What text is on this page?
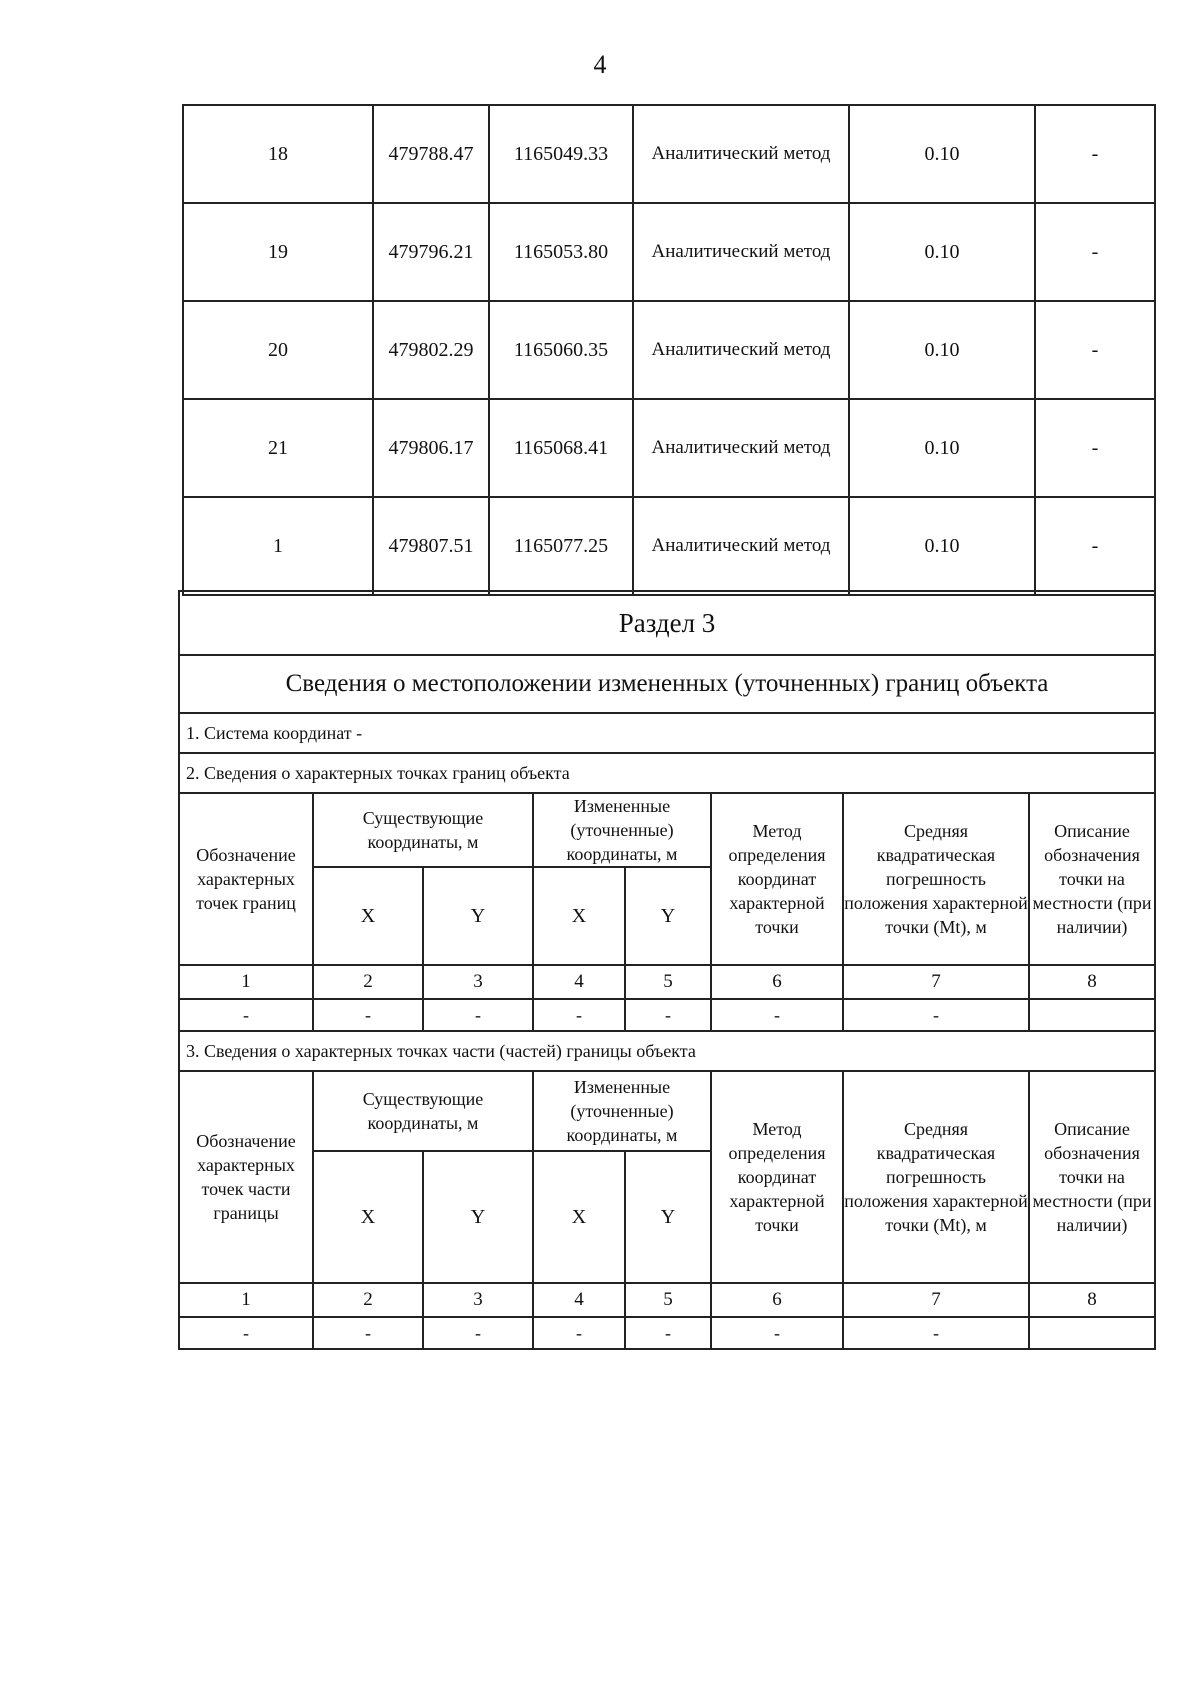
4
18	479788.47	1165049.33	Аналитический метод	0.10	-
19	479796.21	1165053.80	Аналитический метод	0.10	-
20	479802.29	1165060.35	Аналитический метод	0.10	-
21	479806.17	1165068.41	Аналитический метод	0.10	-
1	479807.51	1165077.25	Аналитический метод	0.10	-
Раздел 3							
Сведения о местоположении измененных (уточненных) границ объекта							
1. Система координат -							
2. Сведения о характерных точках границ объекта							
Обозначение характерных точек границ	Существующие координаты, м		Измененные (уточненные) координаты, м		Метод определения координат характерной точки	Средняя квадратическая погрешность положения характерной точки (Mt), м	Описание обозначения точки на местности (при наличии)
	X	Y	X	Y			
1	2	3	4	5	6	7	8
-	-	-	-	-	-	-	
3. Сведения о характерных точках части (частей) границы объекта							
Обозначение характерных точек части границы	Существующие координаты, м		Измененные (уточненные) координаты, м		Метод определения координат характерной точки	Средняя квадратическая погрешность положения характерной точки (Mt), м	Описание обозначения точки на местности (при наличии)
	X	Y	X	Y			
1	2	3	4	5	6	7	8
-	-	-	-	-	-	-	
